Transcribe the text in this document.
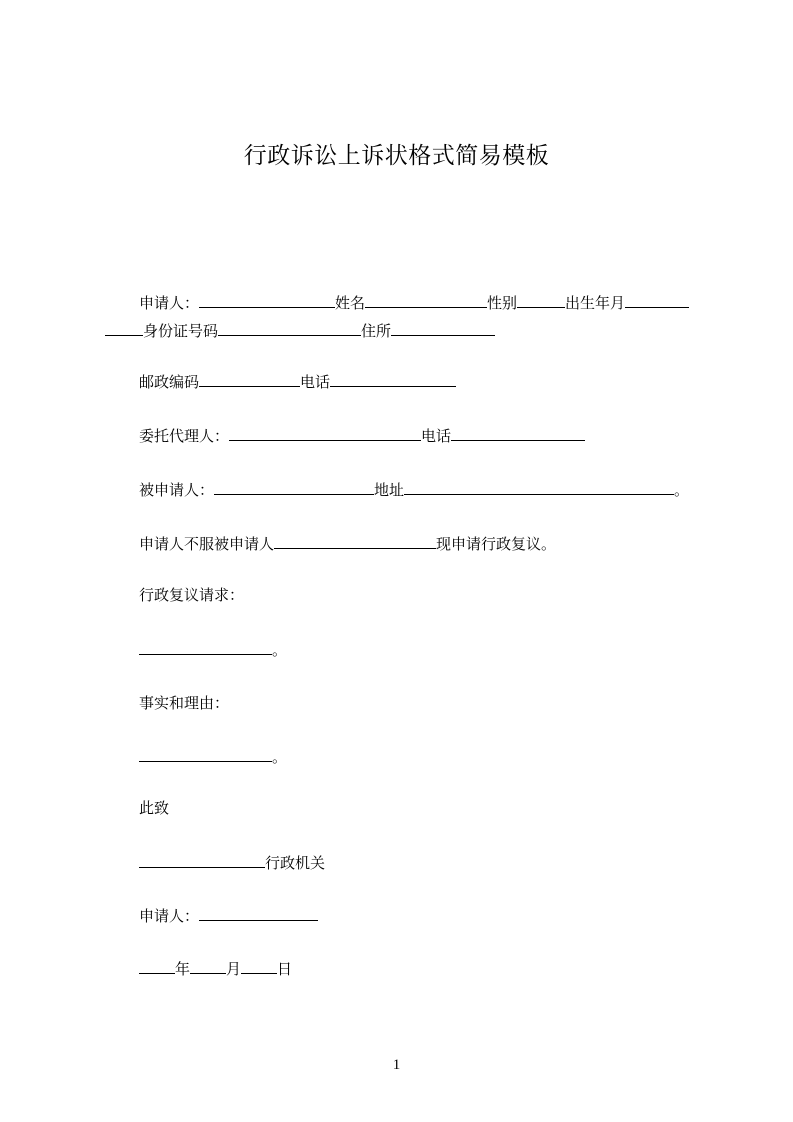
行政诉讼上诉状格式简易模板
申请人：	姓名	性别	出生年月
身份证号码	住所
邮政编码	电话
委托代理人：	电话
被申请人：	地址	。
申请人不服被申请人	现申请行政复议。
行政复议请求：
。
事实和理由：
。
此致
行政机关
申请人：
年 月 日
1
